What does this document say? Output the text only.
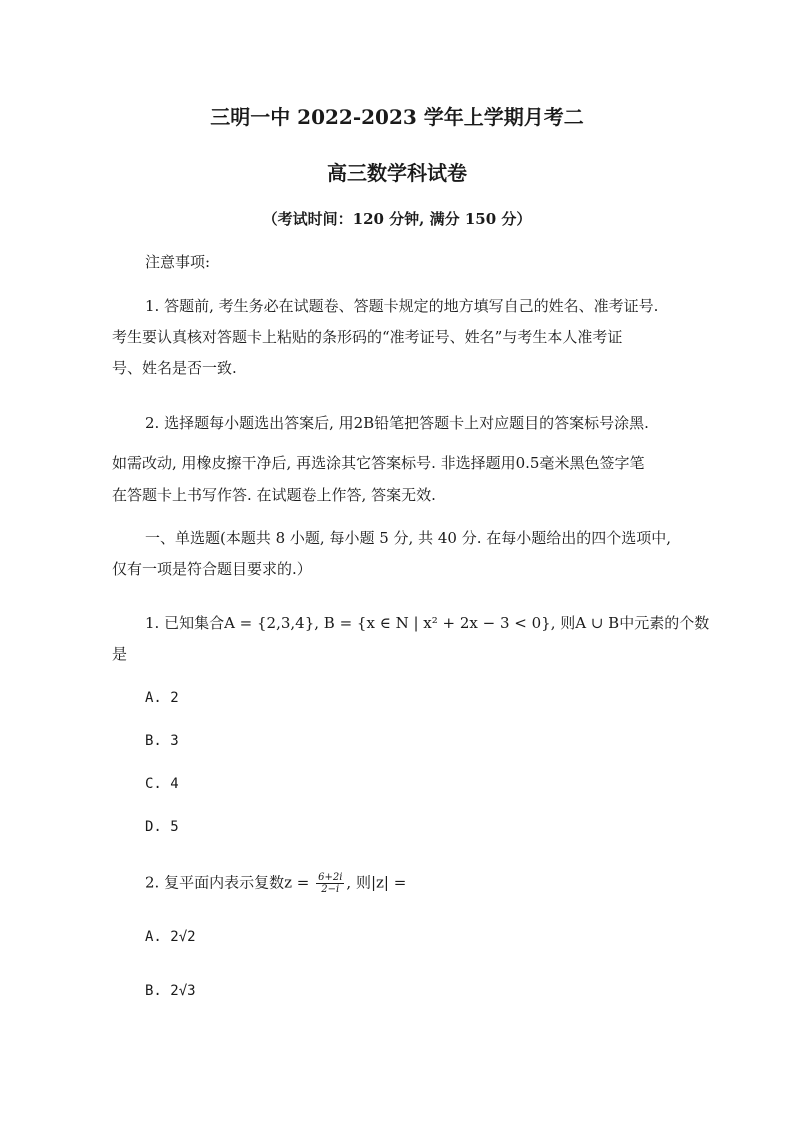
三明一中 2022-2023 学年上学期月考二
高三数学科试卷
（考试时间：120 分钟, 满分 150 分）
注意事项:
1. 答题前, 考生务必在试题卷、答题卡规定的地方填写自己的姓名、准考证号.
考生要认真核对答题卡上粘贴的条形码的“准考证号、姓名”与考生本人准考证
号、姓名是否一致.
2. 选择题每小题选出答案后, 用2B铅笔把答题卡上对应题目的答案标号涂黑.
如需改动, 用橡皮擦干净后, 再选涂其它答案标号. 非选择题用0.5毫米黑色签字笔
在答题卡上书写作答. 在试题卷上作答, 答案无效.
一、单选题(本题共 8 小题, 每小题 5 分, 共 40 分. 在每小题给出的四个选项中,
仅有一项是符合题目要求的.）
1. 已知集合A = {2,3,4}, B = {x ∈ N | x² + 2x − 3 < 0}, 则A ∪ B中元素的个数
是
A. 2
B. 3
C. 4
D. 5
2. 复平面内表示复数$z = \frac{6+2i}{2-i}$ , 则|z| =
A. 2√2
B. 2√3
